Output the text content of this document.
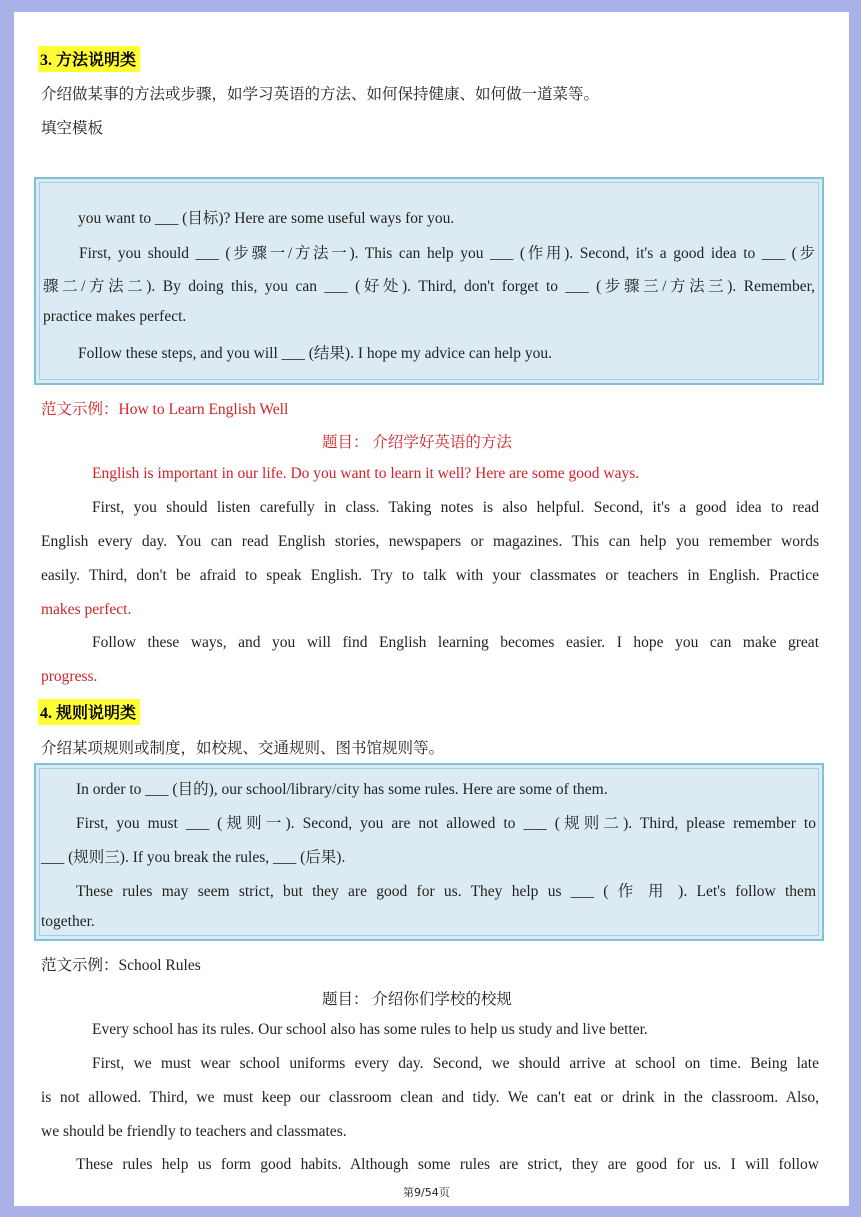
3. 方法说明类
介绍做某事的方法或步骤，如学习英语的方法、如何保持健康、如何做一道菜等。
填空模板
you want to ___ (目标)? Here are some useful ways for you.
First, you should ___ (步骤一/方法一). This can help you ___ (作用). Second, it's a good idea to ___ (步
骤二/方法二). By doing this, you can ___ (好处). Third, don't forget to ___ (步骤三/方法三). Remember,
practice makes perfect.
Follow these steps, and you will ___ (结果). I hope my advice can help you.
范文示例：How to Learn English Well
题目： 介绍学好英语的方法
English is important in our life. Do you want to learn it well? Here are some good ways.
First, you should listen carefully in class. Taking notes is also helpful. Second, it's a good idea to read
English every day. You can read English stories, newspapers or magazines. This can help you remember words
easily. Third, don't be afraid to speak English. Try to talk with your classmates or teachers in English. Practice
makes perfect.
Follow these ways, and you will find English learning becomes easier. I hope you can make great
progress.
4. 规则说明类
介绍某项规则或制度，如校规、交通规则、图书馆规则等。
In order to ___ (目的), our school/library/city has some rules. Here are some of them.
First, you must ___ (规则一). Second, you are not allowed to ___ (规则二). Third, please remember to
___ (规则三). If you break the rules, ___ (后果).
These rules may seem strict, but they are good for us. They help us ___ ( 作 用 ). Let's follow them
together.
范文示例：School Rules
题目： 介绍你们学校的校规
Every school has its rules. Our school also has some rules to help us study and live better.
First, we must wear school uniforms every day. Second, we should arrive at school on time. Being late
is not allowed. Third, we must keep our classroom clean and tidy. We can't eat or drink in the classroom. Also,
we should be friendly to teachers and classmates.
These rules help us form good habits. Although some rules are strict, they are good for us. I will follow
第9/54页
